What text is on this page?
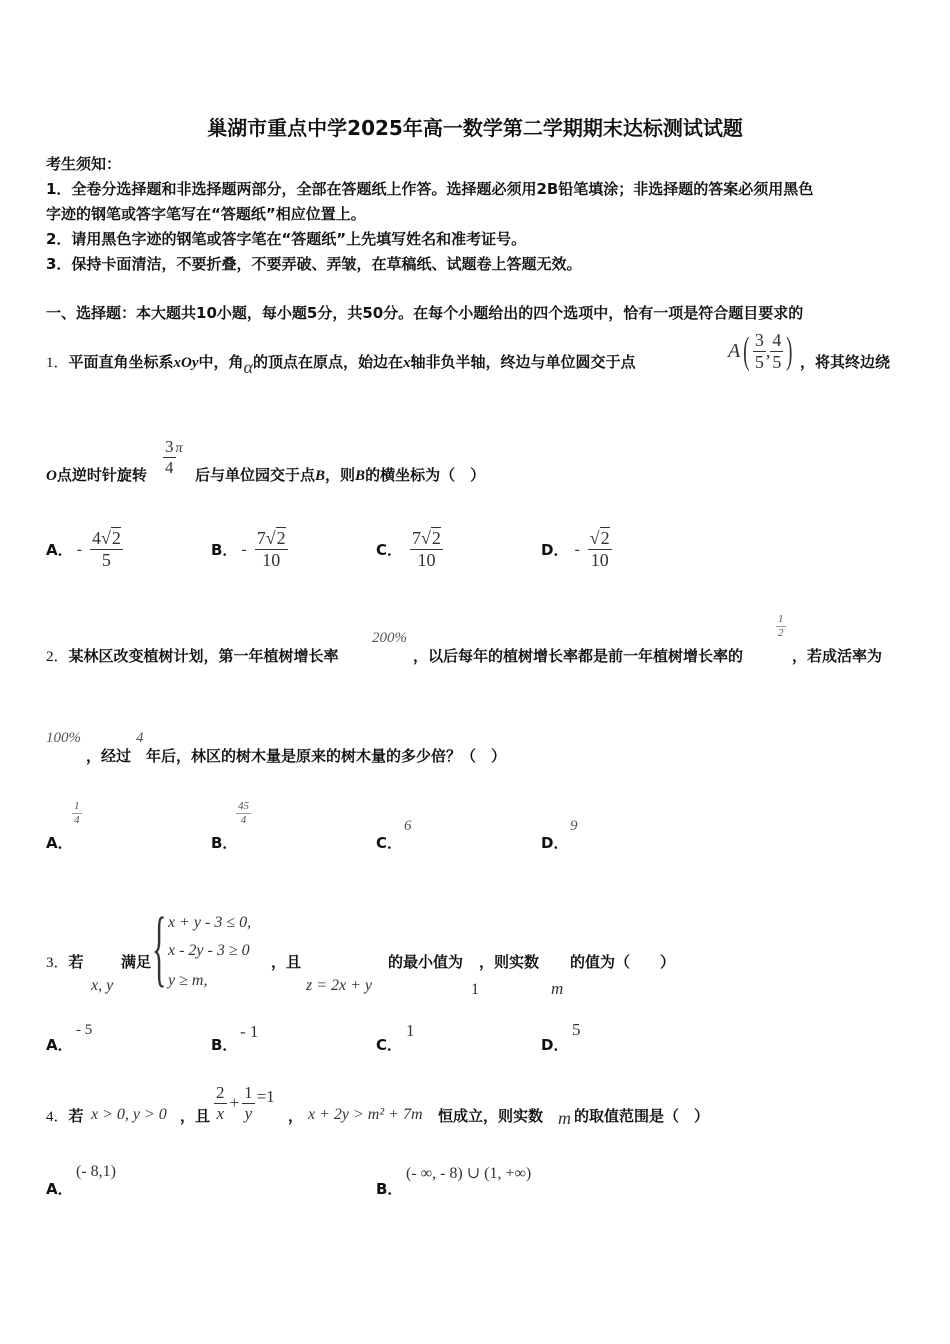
巢湖市重点中学2025年高一数学第二学期期末达标测试试题
考生须知：
1．全卷分选择题和非选择题两部分，全部在答题纸上作答。选择题必须用2B铅笔填涂；非选择题的答案必须用黑色
字迹的钢笔或答字笔写在“答题纸”相应位置上。
2．请用黑色字迹的钢笔或答字笔在“答题纸”上先填写姓名和准考证号。
3．保持卡面清洁，不要折叠，不要弄破、弄皱，在草稿纸、试题卷上答题无效。
一、选择题：本大题共10小题，每小题5分，共50分。在每个小题给出的四个选项中，恰有一项是符合题目要求的
1．平面直角坐标系xOy中，角α的顶点在原点，始边在x轴非负半轴，终边与单位圆交于点
A ( $\frac{3}{5}$ , $\frac{4}{5}$ ) ，将其终边绕
O点逆时针旋转 $\frac{3}{4}$ π
后与单位园交于点B，则B的横坐标为（　）
A． - $\frac{4√2}{5}$	B． - $\frac{7√2}{10}$	C． $\frac{7√2}{10}$	D． - $\frac{√2}{10}$
2．某林区改变植树计划，第一年植树增长率
200%
，以后每年的植树增长率都是前一年植树增长率的
$\frac{1}{2}$
，若成活率为
100%
，经过
4
年后，林区的树木量是原来的树木量的多少倍？（　）
A．
$\frac{1}{4}$
B．
$\frac{45}{4}$
C．
6
D．
9
3．若
x, y
满足 { x + y - 3 ≤ 0,
x - 2y - 3 ≥ 0
y ≥ m,
，且
z = 2x + y
的最小值为
1
，则实数
m
的值为（　　）
A．
- 5
B．
- 1
C．
1
D．
5
4．若 x > 0, y > 0 ，且 $\frac{2}{x} + \frac{1}{y} =1$
， x + 2y > m² + 7m 恒成立，则实数 m 的取值范围是（　）
A．
(- 8,1)
B．
(- ∞, - 8) ∪ (1, +∞)
